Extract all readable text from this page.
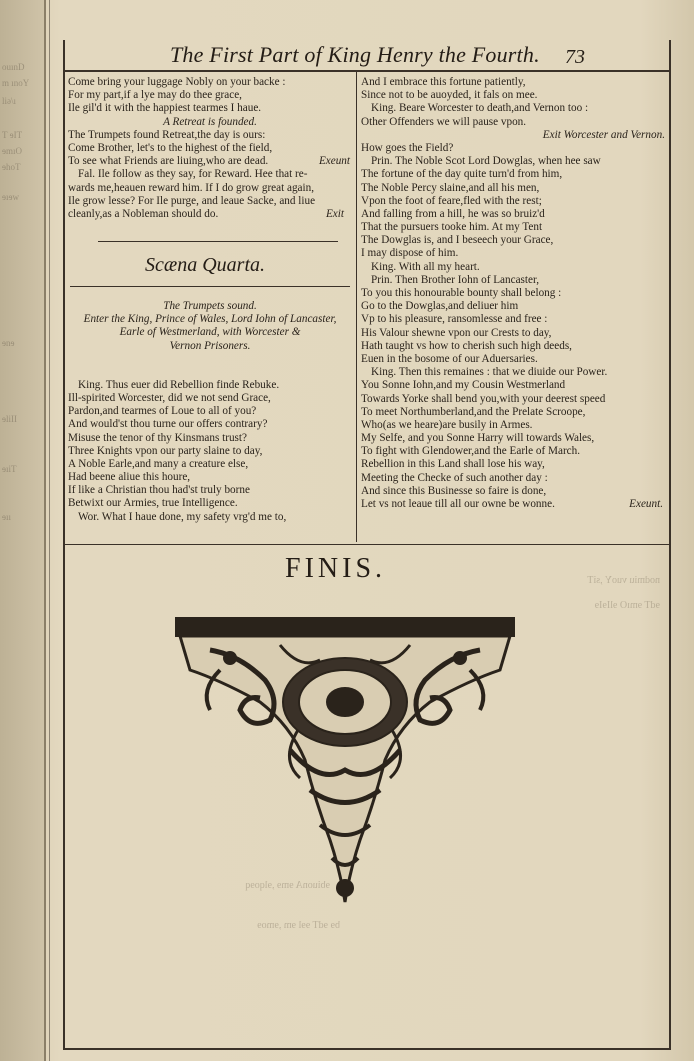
ouınD
m ınoY
liə\ı
T ɘIT
ɘmıO
ɘhoT
ɘıɘw
ɘnɘ
ɘliII
ɘıiT
ɘıı
The First Part of King Henry the Fourth. 73
Come bring your luggage Nobly on your backe :
For my part,if a lye may do thee grace,
Ile gil'd it with the happiest tearmes I haue.
A Retreat is founded.
The Trumpets found Retreat,the day is ours:
Come Brother, let's to the highest of the field,
To see what Friends are liuing,who are dead.	Exeunt
Fal. Ile follow as they say, for Reward. Hee that re-
wards me,heauen reward him. If I do grow great again,
Ile grow lesse? For Ile purge, and leaue Sacke, and liue
cleanly,as a Nobleman should do.	Exit
Scæna Quarta.
The Trumpets sound.
Enter the King, Prince of Wales, Lord Iohn of Lancaster,
Earle of Westmerland, with Worcester &
Vernon Prisoners.
King. Thus euer did Rebellion finde Rebuke.
Ill-spirited Worcester, did we not send Grace,
Pardon,and tearmes of Loue to all of you?
And would'st thou turne our offers contrary?
Misuse the tenor of thy Kinsmans trust?
Three Knights vpon our party slaine to day,
A Noble Earle,and many a creature else,
Had beene aliue this houre,
If like a Christian thou had'st truly borne
Betwixt our Armies, true Intelligence.
Wor. What I haue done, my safety vrg'd me to,
And I embrace this fortune patiently,
Since not to be auoyded, it fals on mee.
King. Beare Worcester to death,and Vernon too :
Other Offenders we will pause vpon.
Exit Worcester and Vernon.
How goes the Field?
Prin. The Noble Scot Lord Dowglas, when hee saw
The fortune of the day quite turn'd from him,
The Noble Percy slaine,and all his men,
Vpon the foot of feare,fled with the rest;
And falling from a hill, he was so bruiz'd
That the pursuers tooke him. At my Tent
The Dowglas is, and I beseech your Grace,
I may dispose of him.
King. With all my heart.
Prin. Then Brother Iohn of Lancaster,
To you this honourable bounty shall belong :
Go to the Dowglas,and deliuer him
Vp to his pleasure, ransomlesse and free :
His Valour shewne vpon our Crests to day,
Hath taught vs how to cherish such high deeds,
Euen in the bosome of our Aduersaries.
King. Then this remaines : that we diuide our Power.
You Sonne Iohn,and my Cousin Westmerland
Towards Yorke shall bend you,with your deerest speed
To meet Northumberland,and the Prelate Scroope,
Who(as we heare)are busily in Armes.
My Selfe, and you Sonne Harry will towards Wales,
To fight with Glendower,and the Earle of March.
Rebellion in this Land shall lose his way,
Meeting the Checke of such another day :
And since this Businesse so faire is done,
Let vs not leaue till all our owne be wonne.	Exeunt.
FINIS.	nodmiu vuoY ,siT
ɘdT ɘmıO ɘlIɘIɘ
ɘbiuonA ɘmɘ ,ɘlqoɘq
bɘ ɘdT ɘɘl ɘm ,ɘmoɘ
